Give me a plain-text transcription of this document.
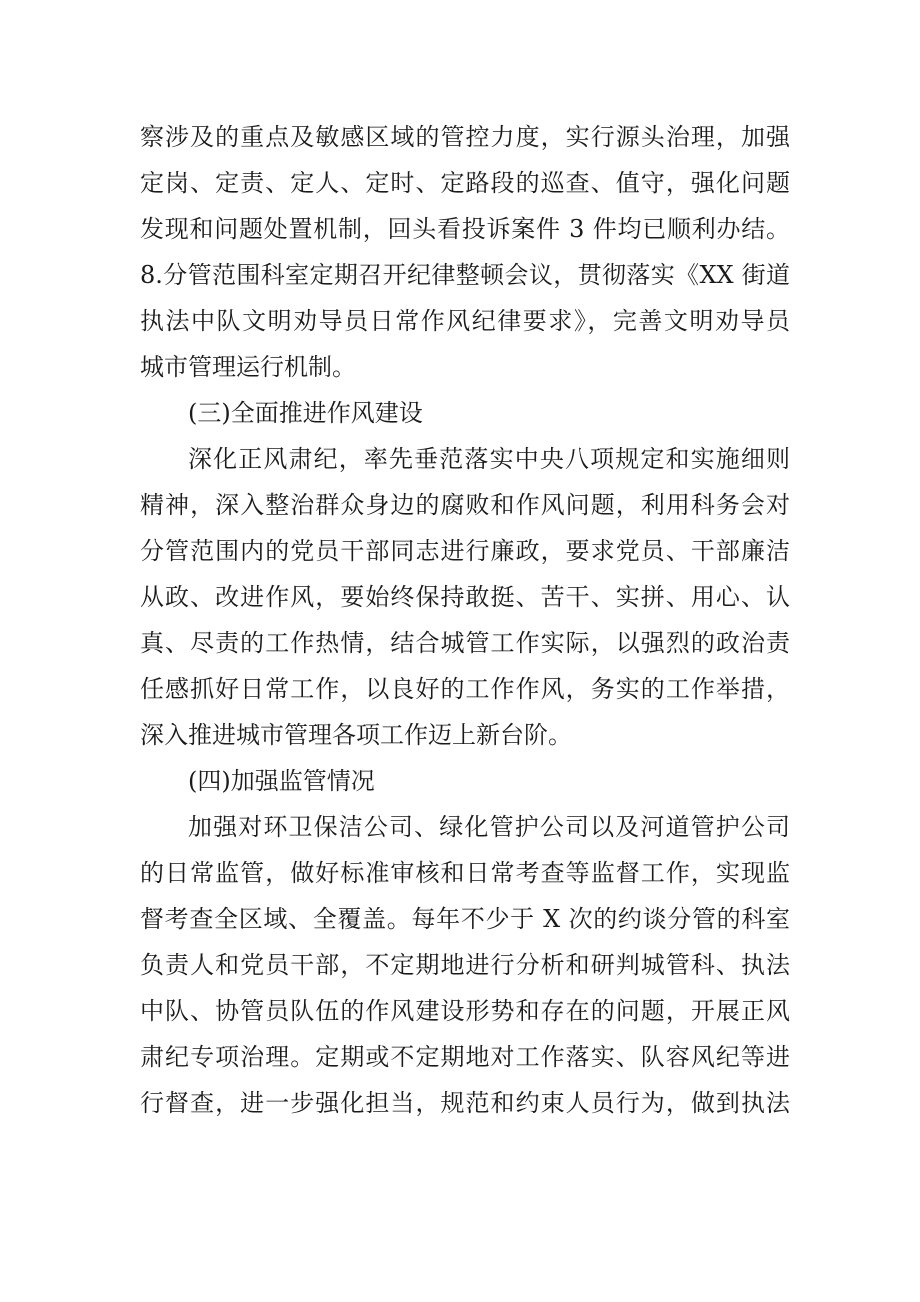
察涉及的重点及敏感区域的管控力度，实行源头治理，加强
定岗、定责、定人、定时、定路段的巡查、值守，强化问题
发现和问题处置机制，回头看投诉案件 3 件均已顺利办结。
8.分管范围科室定期召开纪律整顿会议，贯彻落实《XX 街道
执法中队文明劝导员日常作风纪律要求》，完善文明劝导员
城市管理运行机制。
(三)全面推进作风建设
深化正风肃纪，率先垂范落实中央八项规定和实施细则
精神，深入整治群众身边的腐败和作风问题，利用科务会对
分管范围内的党员干部同志进行廉政，要求党员、干部廉洁
从政、改进作风，要始终保持敢挺、苦干、实拼、用心、认
真、尽责的工作热情，结合城管工作实际，以强烈的政治责
任感抓好日常工作，以良好的工作作风，务实的工作举措，
深入推进城市管理各项工作迈上新台阶。
(四)加强监管情况
加强对环卫保洁公司、绿化管护公司以及河道管护公司
的日常监管，做好标准审核和日常考查等监督工作，实现监
督考查全区域、全覆盖。每年不少于 X 次的约谈分管的科室
负责人和党员干部，不定期地进行分析和研判城管科、执法
中队、协管员队伍的作风建设形势和存在的问题，开展正风
肃纪专项治理。定期或不定期地对工作落实、队容风纪等进
行督查，进一步强化担当，规范和约束人员行为，做到执法
